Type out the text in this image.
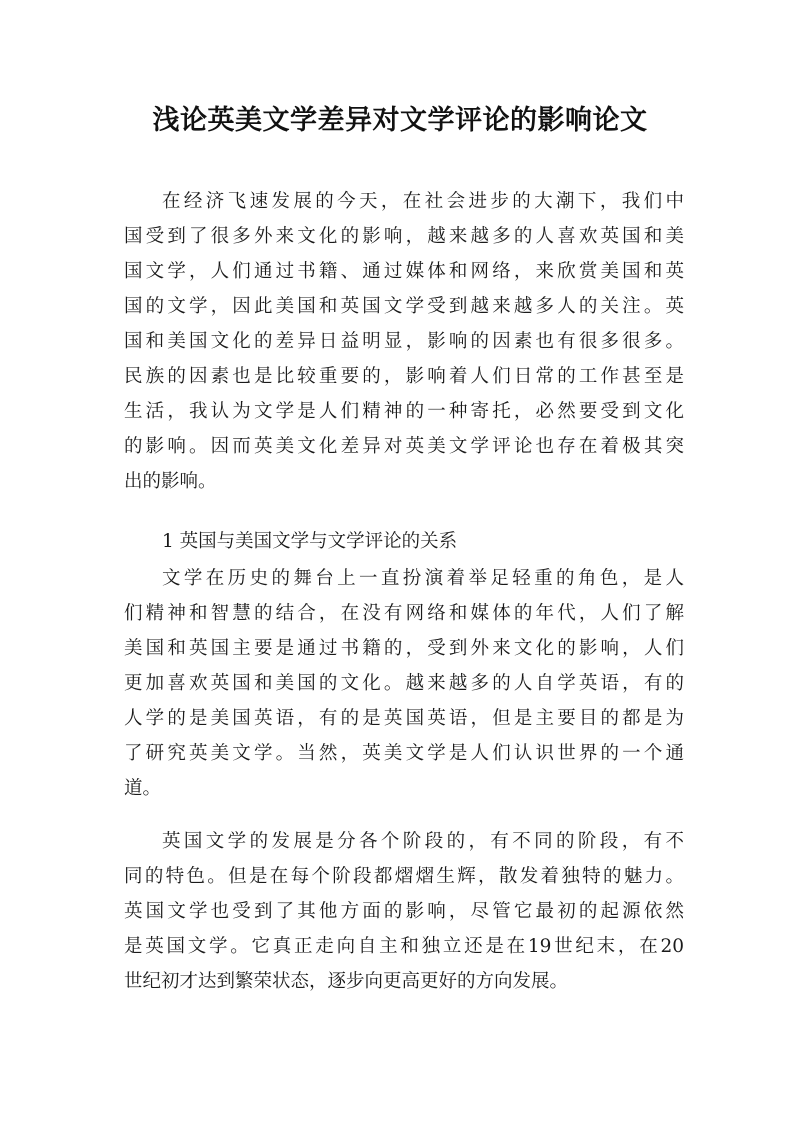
浅论英美文学差异对文学评论的影响论文
在经济飞速发展的今天，在社会进步的大潮下，我们中
国受到了很多外来文化的影响，越来越多的人喜欢英国和美
国文学，人们通过书籍、通过媒体和网络，来欣赏美国和英
国的文学，因此美国和英国文学受到越来越多人的关注。英
国和美国文化的差异日益明显，影响的因素也有很多很多。
民族的因素也是比较重要的，影响着人们日常的工作甚至是
生活，我认为文学是人们精神的一种寄托，必然要受到文化
的影响。因而英美文化差异对英美文学评论也存在着极其突
出的影响。
1 英国与美国文学与文学评论的关系
文学在历史的舞台上一直扮演着举足轻重的角色，是人
们精神和智慧的结合，在没有网络和媒体的年代，人们了解
美国和英国主要是通过书籍的，受到外来文化的影响，人们
更加喜欢英国和美国的文化。越来越多的人自学英语，有的
人学的是美国英语，有的是英国英语，但是主要目的都是为
了研究英美文学。当然，英美文学是人们认识世界的一个通
道。
英国文学的发展是分各个阶段的，有不同的阶段，有不
同的特色。但是在每个阶段都熠熠生辉，散发着独特的魅力。
英国文学也受到了其他方面的影响，尽管它最初的起源依然
是英国文学。它真正走向自主和独立还是在19世纪末，在20
世纪初才达到繁荣状态，逐步向更高更好的方向发展。
